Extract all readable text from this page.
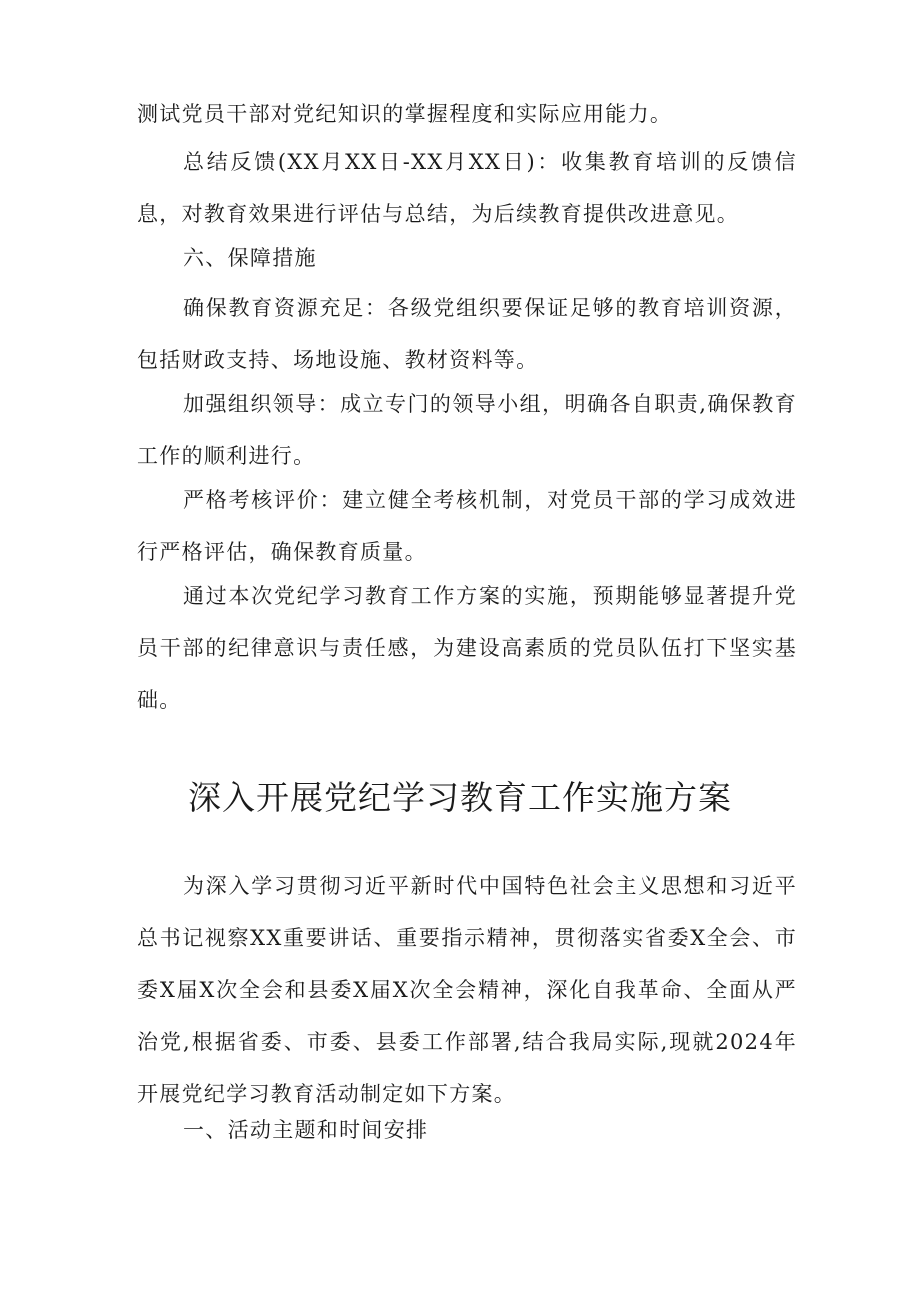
测试党员干部对党纪知识的掌握程度和实际应用能力。

总结反馈(XX月XX日-XX月XX日)：收集教育培训的反馈信息，对教育效果进行评估与总结，为后续教育提供改进意见。

六、保障措施

确保教育资源充足：各级党组织要保证足够的教育培训资源，包括财政支持、场地设施、教材资料等。

加强组织领导：成立专门的领导小组，明确各自职责,确保教育工作的顺利进行。

严格考核评价：建立健全考核机制，对党员干部的学习成效进行严格评估，确保教育质量。

通过本次党纪学习教育工作方案的实施，预期能够显著提升党员干部的纪律意识与责任感，为建设高素质的党员队伍打下坚实基础。

深入开展党纪学习教育工作实施方案

为深入学习贯彻习近平新时代中国特色社会主义思想和习近平总书记视察XX重要讲话、重要指示精神，贯彻落实省委X全会、市委X届X次全会和县委X届X次全会精神，深化自我革命、全面从严治党,根据省委、市委、县委工作部署,结合我局实际,现就2024年开展党纪学习教育活动制定如下方案。

一、活动主题和时间安排
